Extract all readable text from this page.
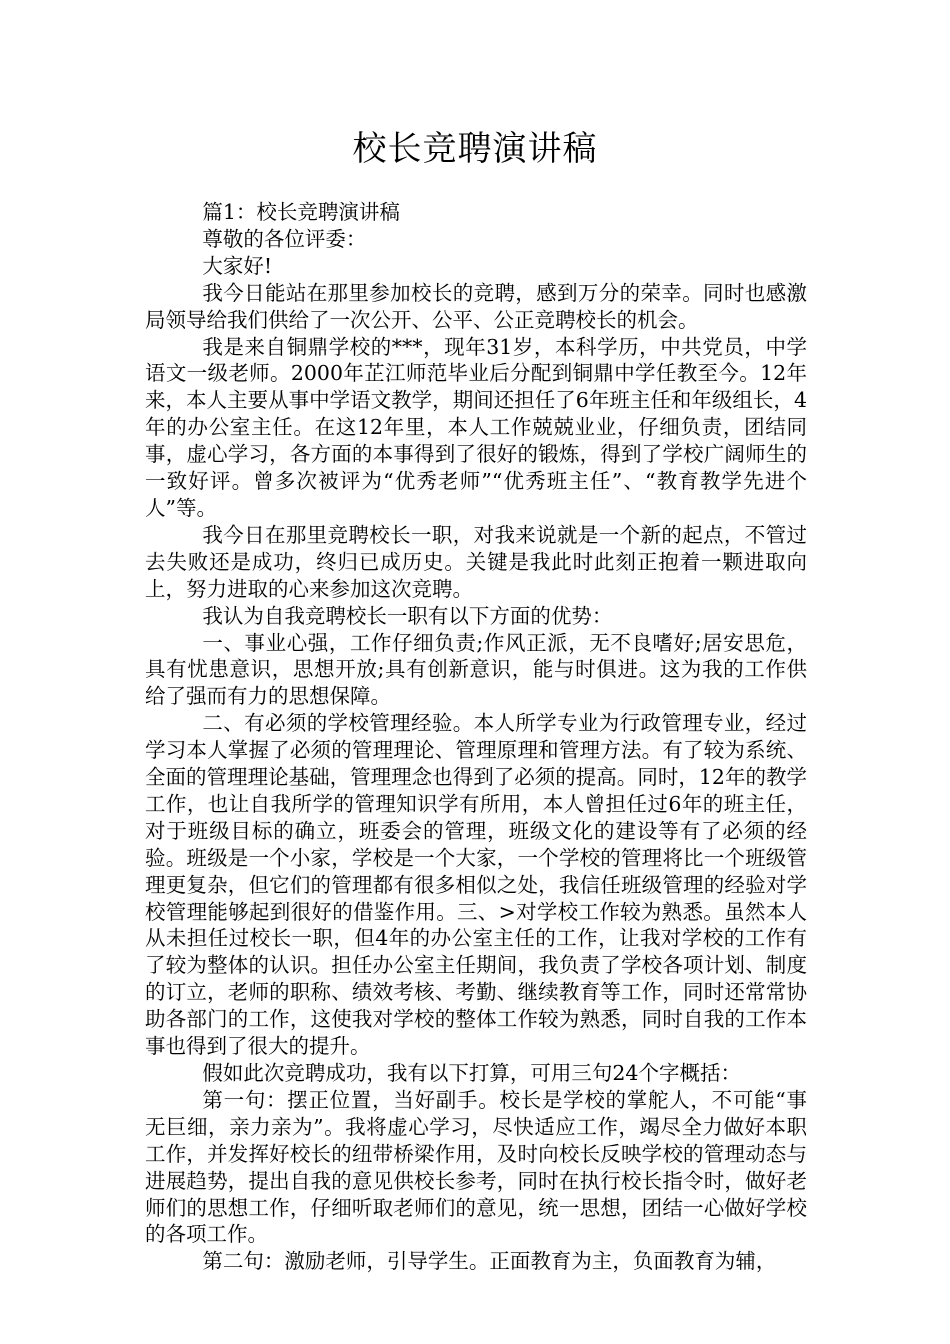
校长竞聘演讲稿

篇1：校长竞聘演讲稿

尊敬的各位评委：

大家好!

我今日能站在那里参加校长的竞聘，感到万分的荣幸。同时也感激局领导给我们供给了一次公开、公平、公正竞聘校长的机会。

我是来自铜鼎学校的***，现年31岁，本科学历，中共党员，中学语文一级老师。2000年芷江师范毕业后分配到铜鼎中学任教至今。12年来，本人主要从事中学语文教学，期间还担任了6年班主任和年级组长，4年的办公室主任。在这12年里，本人工作兢兢业业，仔细负责，团结同事，虚心学习，各方面的本事得到了很好的锻炼，得到了学校广阔师生的一致好评。曾多次被评为“优秀老师”“优秀班主任”、“教育教学先进个人”等。

我今日在那里竞聘校长一职，对我来说就是一个新的起点，不管过去失败还是成功，终归已成历史。关键是我此时此刻正抱着一颗进取向上，努力进取的心来参加这次竞聘。

我认为自我竞聘校长一职有以下方面的优势：

一、事业心强，工作仔细负责;作风正派，无不良嗜好;居安思危，具有忧患意识，思想开放;具有创新意识，能与时俱进。这为我的工作供给了强而有力的思想保障。

二、有必须的学校管理经验。本人所学专业为行政管理专业，经过学习本人掌握了必须的管理理论、管理原理和管理方法。有了较为系统、全面的管理理论基础，管理理念也得到了必须的提高。同时，12年的教学工作，也让自我所学的管理知识学有所用，本人曾担任过6年的班主任，对于班级目标的确立，班委会的管理，班级文化的建设等有了必须的经验。班级是一个小家，学校是一个大家，一个学校的管理将比一个班级管理更复杂，但它们的管理都有很多相似之处，我信任班级管理的经验对学校管理能够起到很好的借鉴作用。三、>对学校工作较为熟悉。虽然本人从未担任过校长一职，但4年的办公室主任的工作，让我对学校的工作有了较为整体的认识。担任办公室主任期间，我负责了学校各项计划、制度的订立，老师的职称、绩效考核、考勤、继续教育等工作，同时还常常协助各部门的工作，这使我对学校的整体工作较为熟悉，同时自我的工作本事也得到了很大的提升。

假如此次竞聘成功，我有以下打算，可用三句24个字概括：

第一句：摆正位置，当好副手。校长是学校的掌舵人，不可能“事无巨细，亲力亲为”。我将虚心学习，尽快适应工作，竭尽全力做好本职工作，并发挥好校长的纽带桥梁作用，及时向校长反映学校的管理动态与进展趋势，提出自我的意见供校长参考，同时在执行校长指令时，做好老师们的思想工作，仔细听取老师们的意见，统一思想，团结一心做好学校的各项工作。

第二句：激励老师，引导学生。正面教育为主，负面教育为辅，
